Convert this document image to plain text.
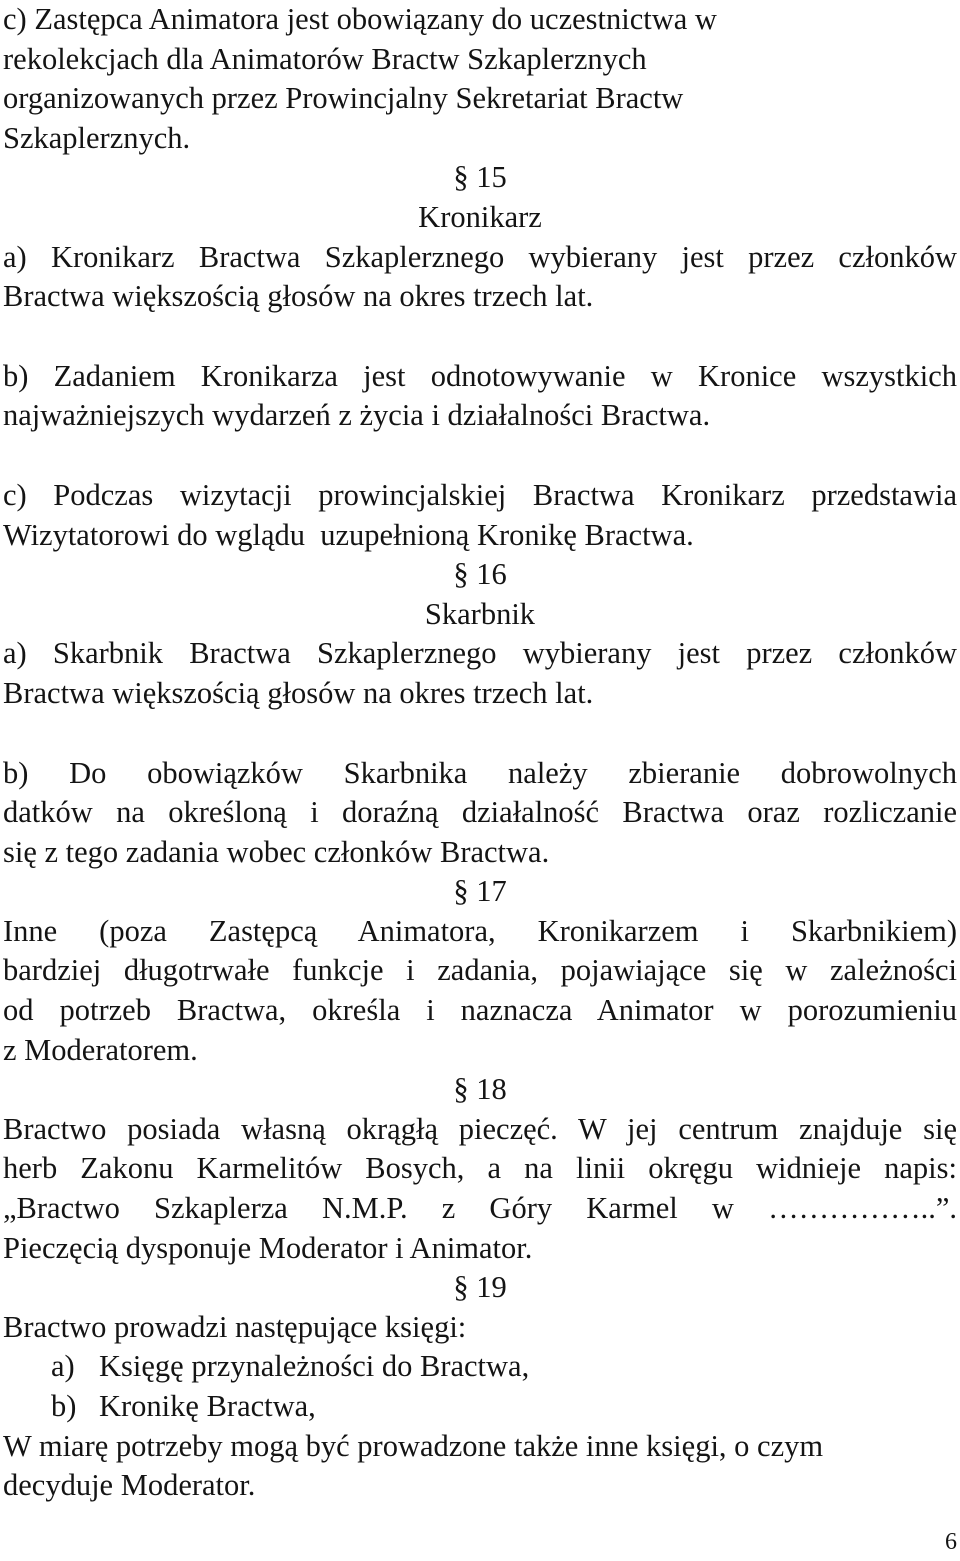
c) Zastępca Animatora jest obowiązany do uczestnictwa w
rekolekcjach dla Animatorów Bractw Szkaplerznych
organizowanych przez Prowincjalny Sekretariat Bractw
Szkaplerznych.
§ 15
Kronikarz
a) Kronikarz Bractwa Szkaplerznego wybierany jest przez członków
Bractwa większością głosów na okres trzech lat.
b) Zadaniem Kronikarza jest odnotowywanie w Kronice wszystkich
najważniejszych wydarzeń z życia i działalności Bractwa.
c) Podczas wizytacji prowincjalskiej Bractwa Kronikarz przedstawia
Wizytatorowi do wglądu  uzupełnioną Kronikę Bractwa.
§ 16
Skarbnik
a) Skarbnik Bractwa Szkaplerznego wybierany jest przez członków
Bractwa większością głosów na okres trzech lat.
b) Do obowiązków Skarbnika należy zbieranie dobrowolnych
datków na określoną i doraźną działalność Bractwa oraz rozliczanie
się z tego zadania wobec członków Bractwa.
§ 17
Inne (poza Zastępcą Animatora, Kronikarzem i Skarbnikiem)
bardziej długotrwałe funkcje i zadania, pojawiające się w zależności
od potrzeb Bractwa, określa i naznacza Animator w porozumieniu
z Moderatorem.
§ 18
Bractwo posiada własną okrągłą pieczęć. W jej centrum znajduje się
herb Zakonu Karmelitów Bosych, a na linii okręgu widnieje napis:
„Bractwo Szkaplerza N.M.P. z Góry Karmel w ……………..”.
Pieczęcią dysponuje Moderator i Animator.
§ 19
Bractwo prowadzi następujące księgi:
a) Księgę przynależności do Bractwa,
b) Kronikę Bractwa,
W miarę potrzeby mogą być prowadzone także inne księgi, o czym
decyduje Moderator.
6
